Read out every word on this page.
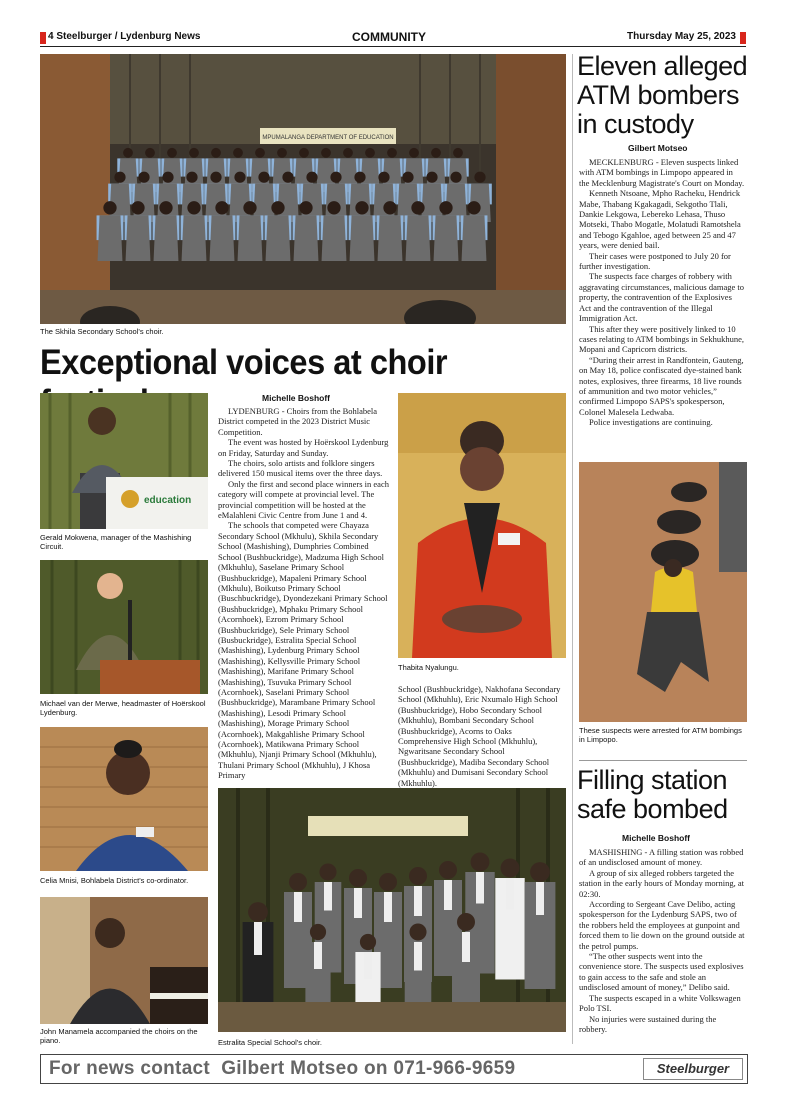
4 Steelburger / Lydenburg News	COMMUNITY	Thursday May 25, 2023
MPUMALANGA DEPARTMENT OF EDUCATION
The Skhila Secondary School's choir.
Exceptional voices at choir
education
Gerald Mokwena, manager of the Mashishing Circuit.
Michael van der Merwe, headmaster of Hoërskool Lydenburg.
Celia Mnisi, Bohlabela District's co-ordinator.
John Manamela accompanied the choirs on the piano.
Michelle Boshoff

LYDENBURG - Choirs from the Bohlabela District competed in the 2023 District Music Competition.

The event was hosted by Hoërskool Lydenburg on Friday, Saturday and Sunday.

The choirs, solo artists and folklore singers delivered 150 musical items over the three days.

Only the first and second place winners in each category will compete at provincial level. The provincial competition will be hosted at the eMalahleni Civic Centre from June 1 and 4.

The schools that competed were Chayaza Secondary School (Mkhulu), Skhila Secondary School (Mashishing), Dumphries Combined School (Bushbuckridge), Madzuma High School (Mkhuhlu), Saselane Primary School (Bushbuckridge), Mapaleni Primary School (Mkhulu), Boikutso Primary School (Buschbuckridge), Dyondezekani Primary School (Bushbuckridge), Mphaku Primary School (Acornhoek), Ezrom Primary School (Bushbuckridge), Sele Primary School (Busbuckridge), Estralita Special School (Mashishing), Lydenburg Primary School (Mashishing), Kellysville Primary School (Mashishing), Marifane Primary School (Mashishing), Tsuvuka Primary School (Acornhoek), Saselani Primary School (Bushbuckridge), Marambane Primary School (Mashishing), Lesodi Primary School (Mashishing), Morage Primary School (Acornhoek), Makgahlishe Primary School (Acornhoek), Matikwana Primary School (Mkhuhlu), Njanji Primary School (Mkhuhlu), Thulani Primary School (Mkhuhlu), J Khosa Primary

Thabita Nyalungu.

School (Bushbuckridge), Nakhofana Secondary School (Mkhuhlu), Eric Nxumalo High School (Bushbuckridge), Hobo Secondary School (Mkhuhlu), Bombani Secondary School (Bushbuckridge), Acorns to Oaks Comprehensive High School (Mkhuhlu), Ngwaritsane Secondary School (Bushbuckridge), Madiba Secondary School (Mkhuhlu) and Dumisani Secondary School (Mkhuhlu).

Estralita Special School's choir.
Eleven alleged
ATM bombers
in custody
Gilbert Motseo

MECKLENBURG - Eleven suspects linked with ATM bombings in Limpopo appeared in the Mecklenburg Magistrate's Court on Monday.

Kenneth Ntsoane, Mpho Racheku, Hendrick Mabe, Thabang Kgakagadi, Sekgotho Tlali, Dankie Lekgowa, Lebereko Lehasa, Thuso Motseki, Thabo Mogatle, Molatudi Ramotshela and Tebogo Kgahloe, aged between 25 and 47 years, were denied bail.

Their cases were postponed to July 20 for further investigation.

The suspects face charges of robbery with aggravating circumstances, malicious damage to property, the contravention of the Explosives Act and the contravention of the Illegal Immigration Act.

This after they were positively linked to 10 cases relating to ATM bombings in Sekhukhune, Mopani and Capricorn districts.

“During their arrest in Randfontein, Gauteng, on May 18, police confiscated dye-stained bank notes, explosives, three firearms, 18 live rounds of ammunition and two motor vehicles,” confirmed Limpopo SAPS's spokesperson, Colonel Malesela Ledwaba.

Police investigations are continuing.

These suspects were arrested for ATM bombings in Limpopo.
Filling station
safe bombed
Michelle Boshoff

MASHISHING - A filling station was robbed of an undisclosed amount of money.

A group of six alleged robbers targeted the station in the early hours of Monday morning, at 02:30.

According to Sergeant Cave Delibo, acting spokesperson for the Lydenburg SAPS, two of the robbers held the employees at gunpoint and forced them to lie down on the ground outside at the petrol pumps.

“The other suspects went into the convenience store. The suspects used explosives to gain access to the safe and stole an undisclosed amount of money,” Delibo said.

The suspects escaped in a white Volkswagen Polo TSI.

No injuries were sustained during the robbery.

For news contact  Gilbert Motseo on 071-966-9659	Steelburger
